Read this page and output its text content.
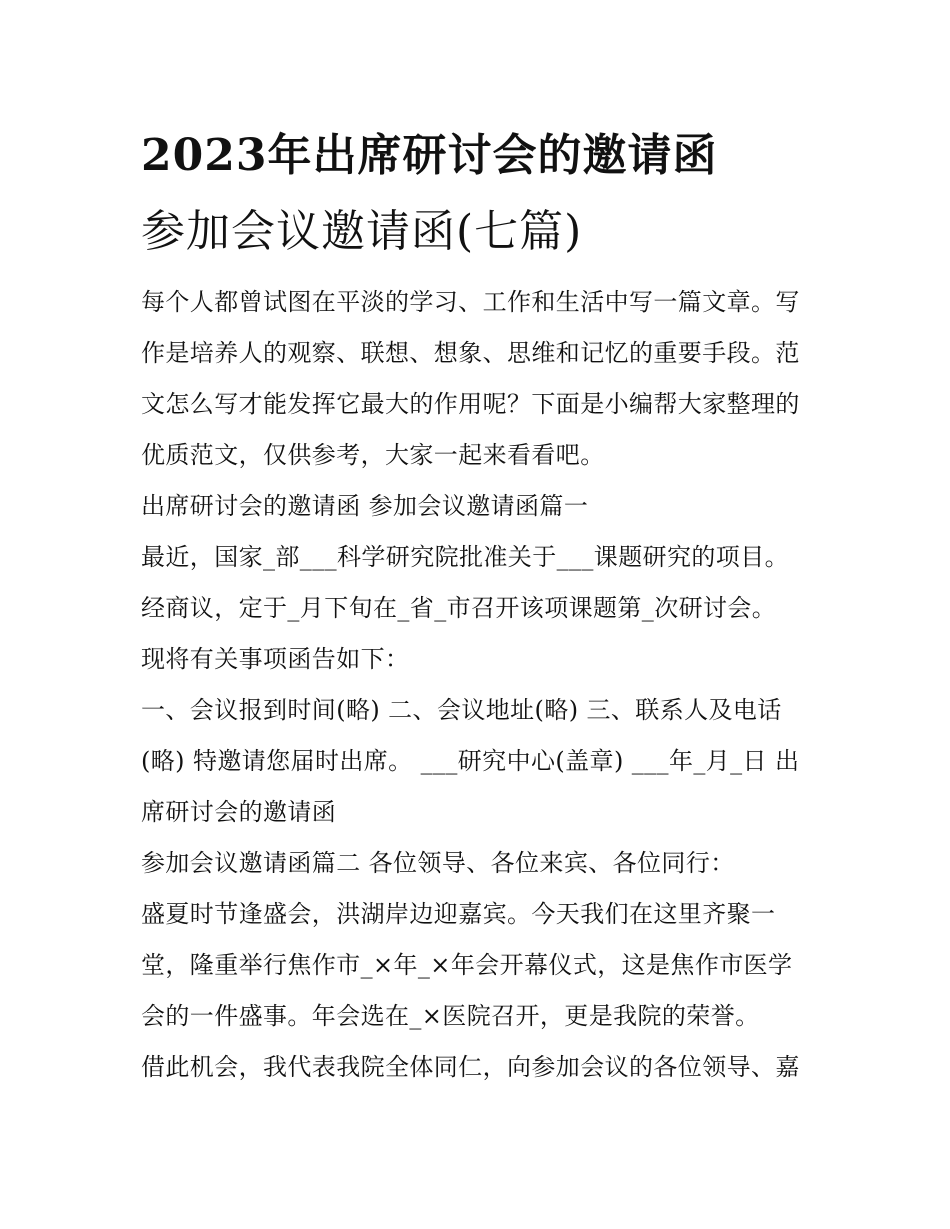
2023年出席研讨会的邀请函
参加会议邀请函(七篇)
每个人都曾试图在平淡的学习、工作和生活中写一篇文章。写
作是培养人的观察、联想、想象、思维和记忆的重要手段。范
文怎么写才能发挥它最大的作用呢？下面是小编帮大家整理的
优质范文，仅供参考，大家一起来看看吧。
出席研讨会的邀请函 参加会议邀请函篇一
最近，国家_部___科学研究院批准关于___课题研究的项目。
经商议，定于_月下旬在_省_市召开该项课题第_次研讨会。
现将有关事项函告如下：
一、会议报到时间(略) 二、会议地址(略) 三、联系人及电话
(略) 特邀请您届时出席。 ___研究中心(盖章) ___年_月_日 出
席研讨会的邀请函
参加会议邀请函篇二 各位领导、各位来宾、各位同行：
盛夏时节逢盛会，洪湖岸边迎嘉宾。今天我们在这里齐聚一
堂，隆重举行焦作市_×年_×年会开幕仪式，这是焦作市医学
会的一件盛事。年会选在_×医院召开，更是我院的荣誉。
借此机会，我代表我院全体同仁，向参加会议的各位领导、嘉
